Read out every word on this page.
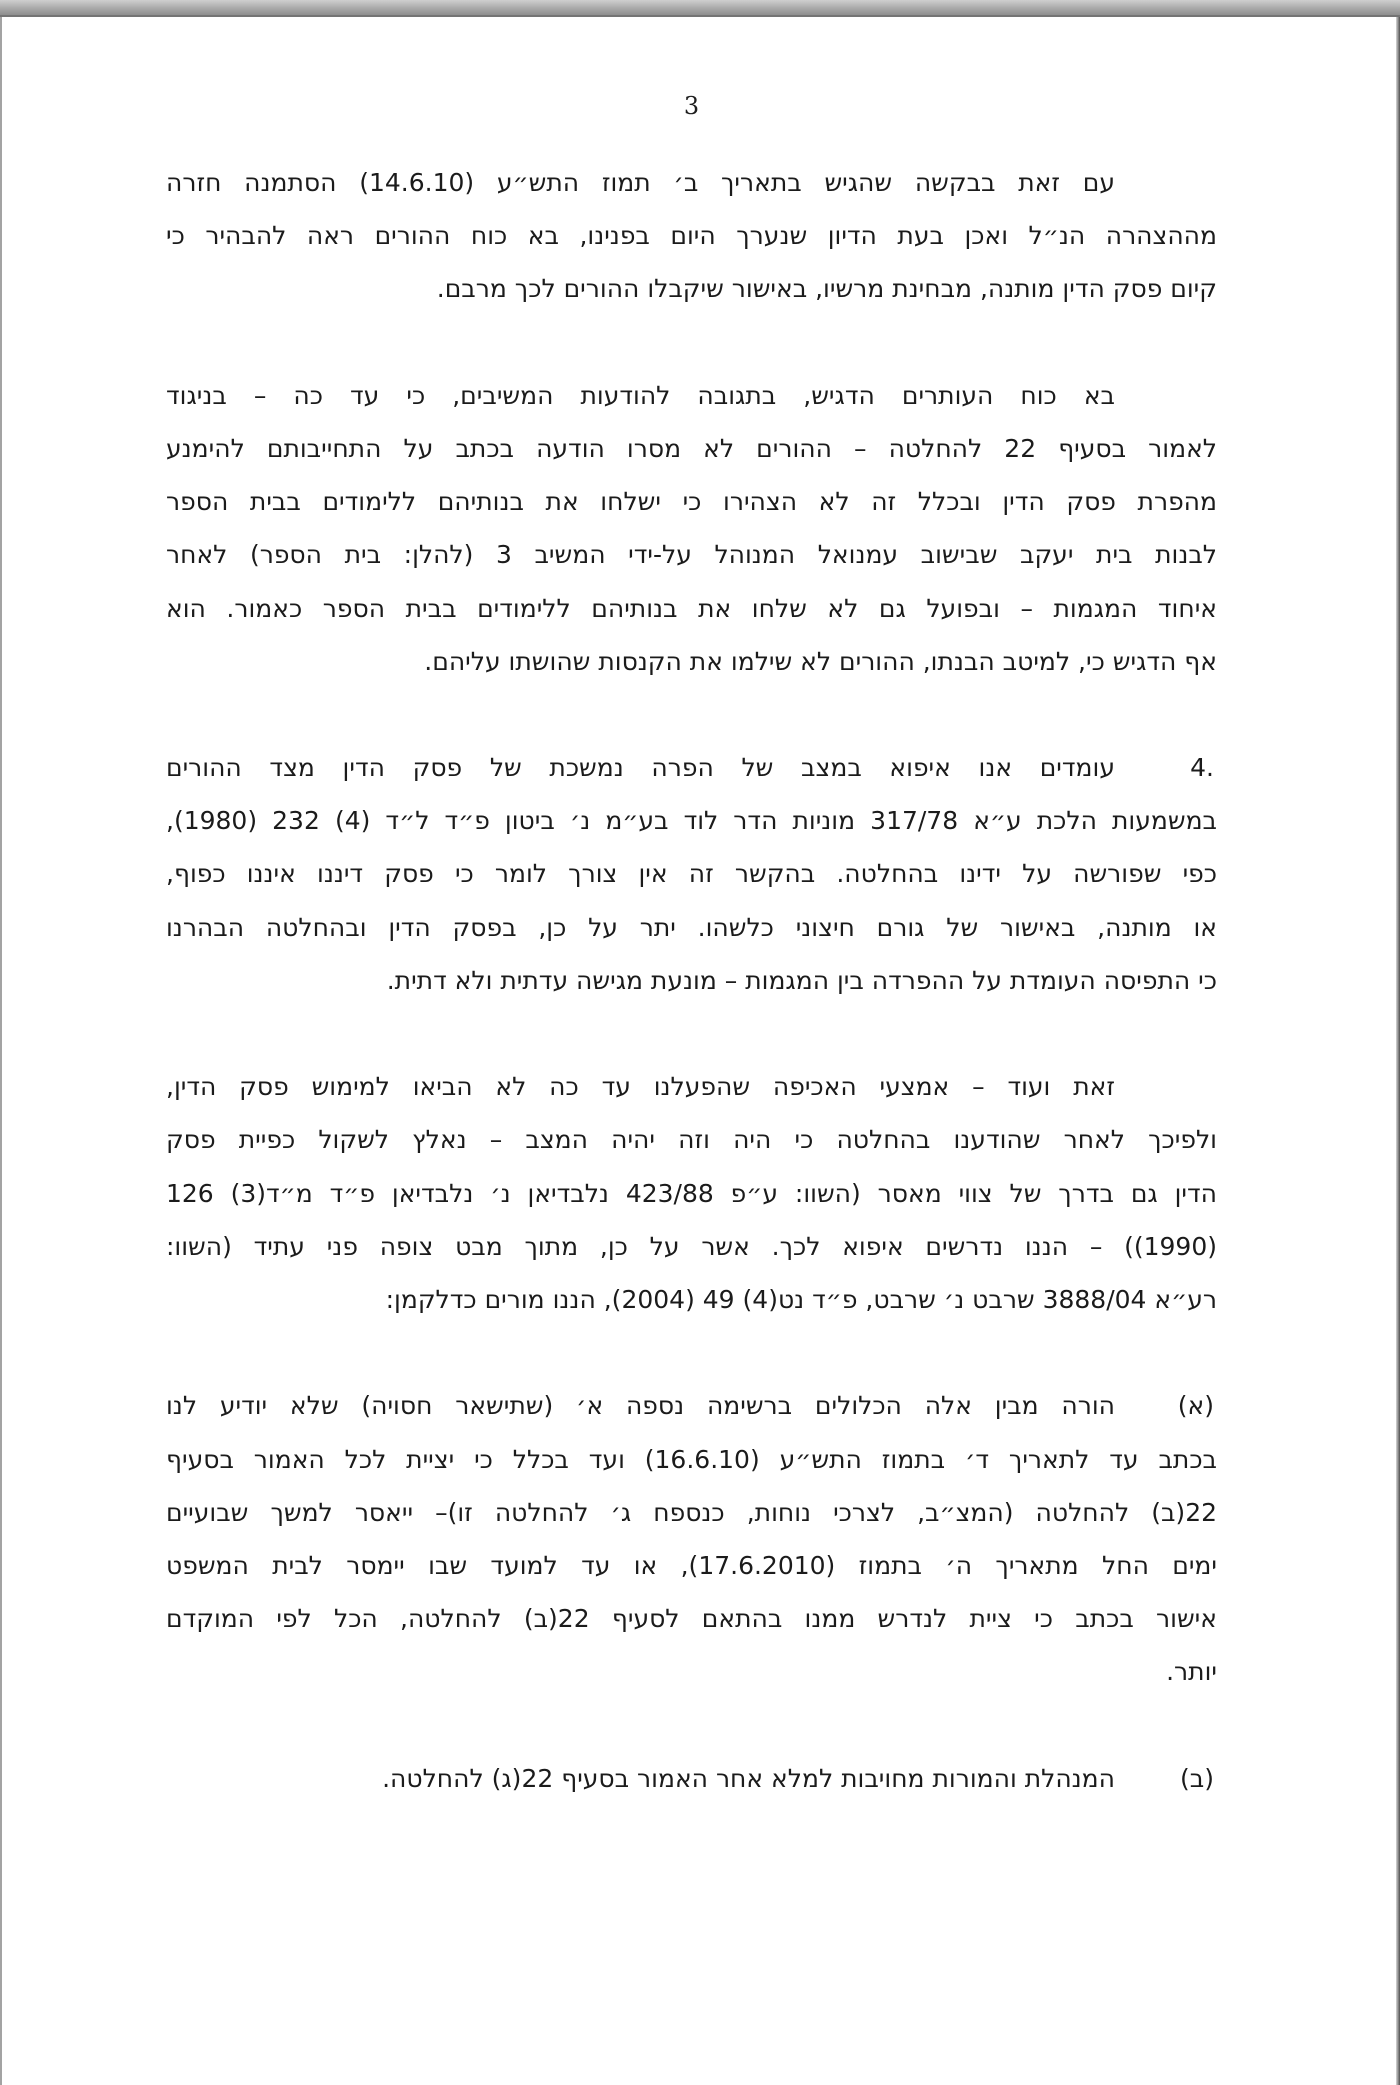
3
עם זאת בבקשה שהגיש בתאריך ב׳ תמוז התש״ע (14.6.10) הסתמנה חזרה
מההצהרה הנ״ל ואכן בעת הדיון שנערך היום בפנינו, בא כוח ההורים ראה להבהיר כי
קיום פסק הדין מותנה, מבחינת מרשיו, באישור שיקבלו ההורים לכך מרבם.
בא כוח העותרים הדגיש, בתגובה להודעות המשיבים, כי עד כה – בניגוד
לאמור בסעיף 22 להחלטה – ההורים לא מסרו הודעה בכתב על התחייבותם להימנע
מהפרת פסק הדין ובכלל זה לא הצהירו כי ישלחו את בנותיהם ללימודים בבית הספר
לבנות בית יעקב שבישוב עמנואל המנוהל על-ידי המשיב 3 (להלן: בית הספר) לאחר
איחוד המגמות – ובפועל גם לא שלחו את בנותיהם ללימודים בבית הספר כאמור. הוא
אף הדגיש כי, למיטב הבנתו, ההורים לא שילמו את הקנסות שהושתו עליהם.
4.
עומדים אנו איפוא במצב של הפרה נמשכת של פסק הדין מצד ההורים
במשמעות הלכת ע״א 317/78 מוניות הדר לוד בע״מ נ׳ ביטון פ״ד ל״ד (4) 232 (1980),
כפי שפורשה על ידינו בהחלטה. בהקשר זה אין צורך לומר כי פסק דיננו איננו כפוף,
או מותנה, באישור של גורם חיצוני כלשהו. יתר על כן, בפסק הדין ובהחלטה הבהרנו
כי התפיסה העומדת על ההפרדה בין המגמות – מונעת מגישה עדתית ולא דתית.
זאת ועוד – אמצעי האכיפה שהפעלנו עד כה לא הביאו למימוש פסק הדין,
ולפיכך לאחר שהודענו בהחלטה כי היה וזה יהיה המצב – נאלץ לשקול כפיית פסק
הדין גם בדרך של צווי מאסר (השוו: ע״פ 423/88 נלבדיאן נ׳ נלבדיאן פ״ד מ״ד(3) 126
(1990)) – הננו נדרשים איפוא לכך. אשר על כן, מתוך מבט צופה פני עתיד (השוו:
רע״א 3888/04 שרבט נ׳ שרבט, פ״ד נט(4) 49 (2004), הננו מורים כדלקמן:
(א)
הורה מבין אלה הכלולים ברשימה נספה א׳ (שתישאר חסויה) שלא יודיע לנו
בכתב עד לתאריך ד׳ בתמוז התש״ע (16.6.10) ועד בכלל כי יציית לכל האמור בסעיף
22(ב) להחלטה (המצ״ב, לצרכי נוחות, כנספח ג׳ להחלטה זו)– ייאסר למשך שבועיים
ימים החל מתאריך ה׳ בתמוז (17.6.2010), או עד למועד שבו יימסר לבית המשפט
אישור בכתב כי ציית לנדרש ממנו בהתאם לסעיף 22(ב) להחלטה, הכל לפי המוקדם
יותר.
(ב)
המנהלת והמורות מחויבות למלא אחר האמור בסעיף 22(ג) להחלטה.
